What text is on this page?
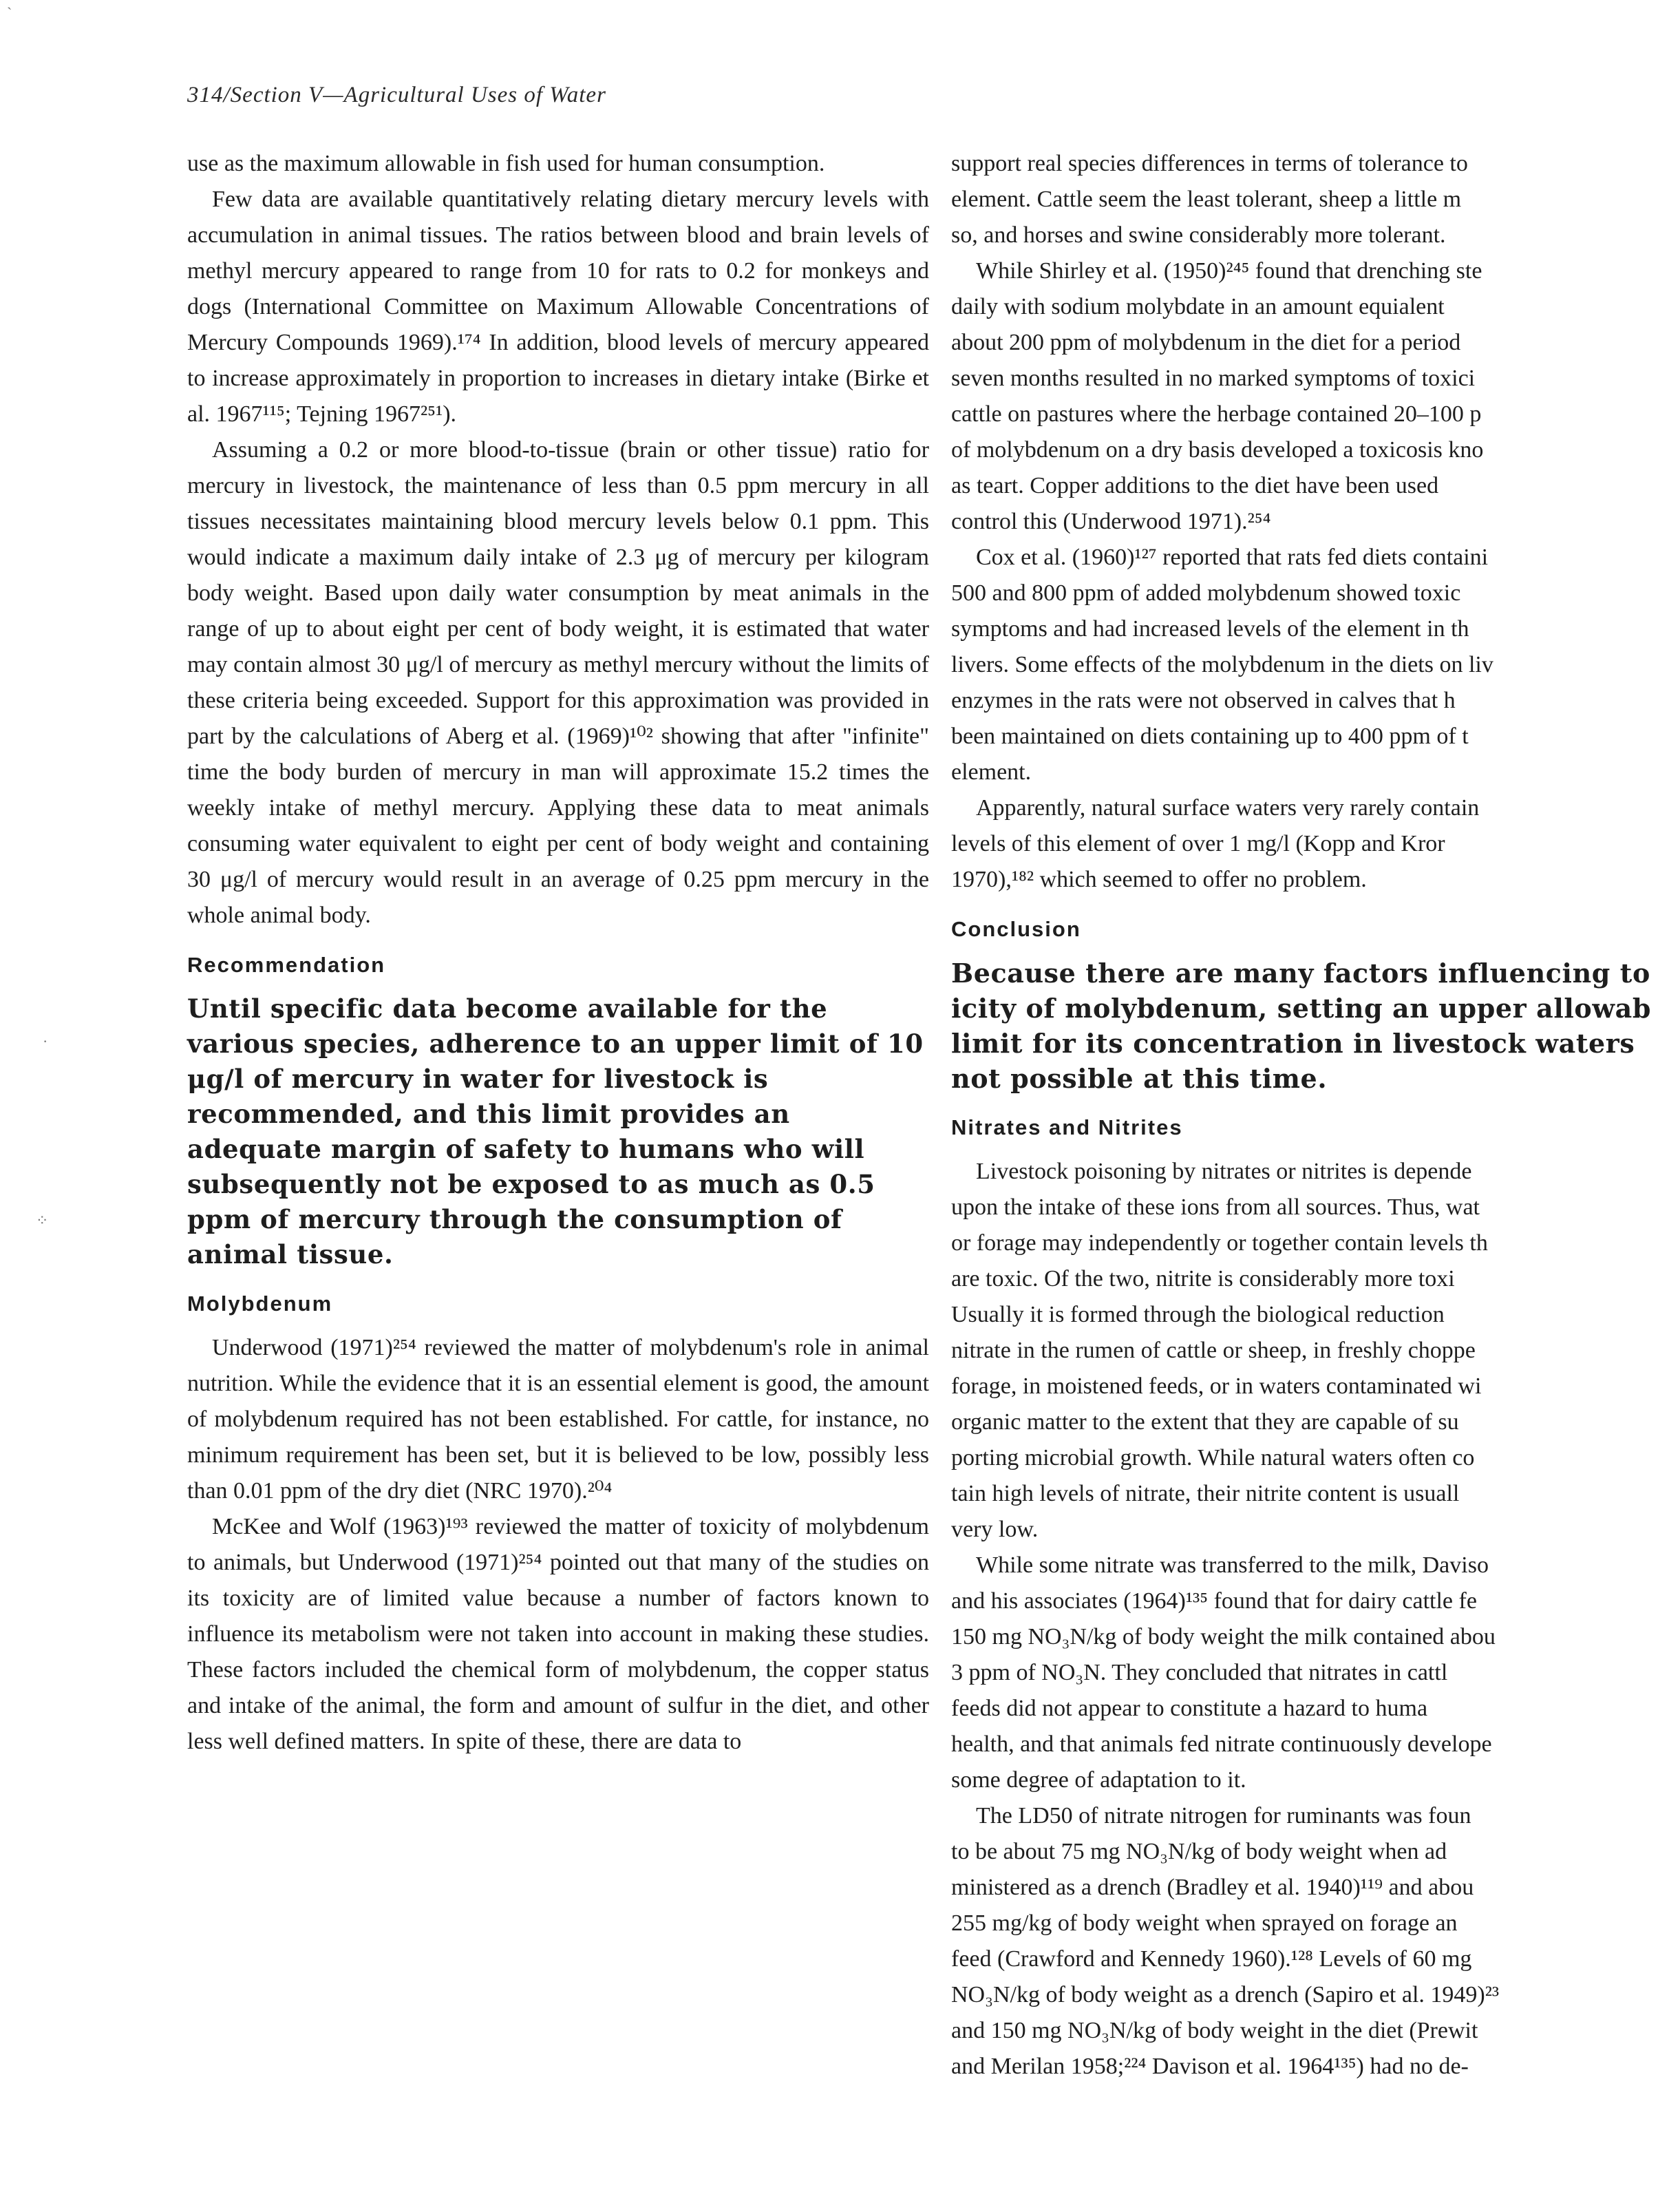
`
·
⁘
314/Section V—Agricultural Uses of Water

use as the maximum allowable in fish used for human consumption.

Few data are available quantitatively relating dietary mercury levels with accumulation in animal tissues. The ratios between blood and brain levels of methyl mercury appeared to range from 10 for rats to 0.2 for monkeys and dogs (International Committee on Maximum Allowable Concentrations of Mercury Compounds 1969).¹⁷⁴ In addition, blood levels of mercury appeared to increase approximately in proportion to increases in dietary intake (Birke et al. 1967¹¹⁵; Tejning 1967²⁵¹).

Assuming a 0.2 or more blood-to-tissue (brain or other tissue) ratio for mercury in livestock, the maintenance of less than 0.5 ppm mercury in all tissues necessitates maintaining blood mercury levels below 0.1 ppm. This would indicate a maximum daily intake of 2.3 μg of mercury per kilogram body weight. Based upon daily water consumption by meat animals in the range of up to about eight per cent of body weight, it is estimated that water may contain almost 30 μg/l of mercury as methyl mercury without the limits of these criteria being exceeded. Support for this approximation was provided in part by the calculations of Aberg et al. (1969)¹⁰² showing that after "infinite" time the body burden of mercury in man will approximate 15.2 times the weekly intake of methyl mercury. Applying these data to meat animals consuming water equivalent to eight per cent of body weight and containing 30 μg/l of mercury would result in an average of 0.25 ppm mercury in the whole animal body.

Recommendation

Until specific data become available for the various species, adherence to an upper limit of 10 μg/l of mercury in water for livestock is recommended, and this limit provides an adequate margin of safety to humans who will subsequently not be exposed to as much as 0.5 ppm of mercury through the consumption of animal tissue.

Molybdenum

Underwood (1971)²⁵⁴ reviewed the matter of molybdenum's role in animal nutrition. While the evidence that it is an essential element is good, the amount of molybdenum required has not been established. For cattle, for instance, no minimum requirement has been set, but it is believed to be low, possibly less than 0.01 ppm of the dry diet (NRC 1970).²⁰⁴

McKee and Wolf (1963)¹⁹³ reviewed the matter of toxicity of molybdenum to animals, but Underwood (1971)²⁵⁴ pointed out that many of the studies on its toxicity are of limited value because a number of factors known to influence its metabolism were not taken into account in making these studies. These factors included the chemical form of molybdenum, the copper status and intake of the animal, the form and amount of sulfur in the diet, and other less well defined matters. In spite of these, there are data to

support real species differences in terms of tolerance to
element. Cattle seem the least tolerant, sheep a little m
so, and horses and swine considerably more tolerant.

While Shirley et al. (1950)²⁴⁵ found that drenching ste
daily with sodium molybdate in an amount equialent
about 200 ppm of molybdenum in the diet for a period
seven months resulted in no marked symptoms of toxici
cattle on pastures where the herbage contained 20–100 p
of molybdenum on a dry basis developed a toxicosis kno
as teart. Copper additions to the diet have been used
control this (Underwood 1971).²⁵⁴

Cox et al. (1960)¹²⁷ reported that rats fed diets containi
500 and 800 ppm of added molybdenum showed toxic
symptoms and had increased levels of the element in th
livers. Some effects of the molybdenum in the diets on liv
enzymes in the rats were not observed in calves that h
been maintained on diets containing up to 400 ppm of t
element.

Apparently, natural surface waters very rarely contain
levels of this element of over 1 mg/l (Kopp and Kror
1970),¹⁸² which seemed to offer no problem.

Conclusion

Because there are many factors influencing to
icity of molybdenum, setting an upper allowab
limit for its concentration in livestock waters
not possible at this time.

Nitrates and Nitrites

Livestock poisoning by nitrates or nitrites is depende
upon the intake of these ions from all sources. Thus, wat
or forage may independently or together contain levels th
are toxic. Of the two, nitrite is considerably more toxi
Usually it is formed through the biological reduction
nitrate in the rumen of cattle or sheep, in freshly choppe
forage, in moistened feeds, or in waters contaminated wi
organic matter to the extent that they are capable of su
porting microbial growth. While natural waters often co
tain high levels of nitrate, their nitrite content is usuall
very low.

While some nitrate was transferred to the milk, Daviso
and his associates (1964)¹³⁵ found that for dairy cattle fe
150 mg NO₃N/kg of body weight the milk contained abou
3 ppm of NO₃N. They concluded that nitrates in cattl
feeds did not appear to constitute a hazard to huma
health, and that animals fed nitrate continuously develope
some degree of adaptation to it.

The LD50 of nitrate nitrogen for ruminants was foun
to be about 75 mg NO₃N/kg of body weight when ad
ministered as a drench (Bradley et al. 1940)¹¹⁹ and abou
255 mg/kg of body weight when sprayed on forage an
feed (Crawford and Kennedy 1960).¹²⁸ Levels of 60 mg
NO₃N/kg of body weight as a drench (Sapiro et al. 1949)²³
and 150 mg NO₃N/kg of body weight in the diet (Prewit
and Merilan 1958;²²⁴ Davison et al. 1964¹³⁵) had no de-
